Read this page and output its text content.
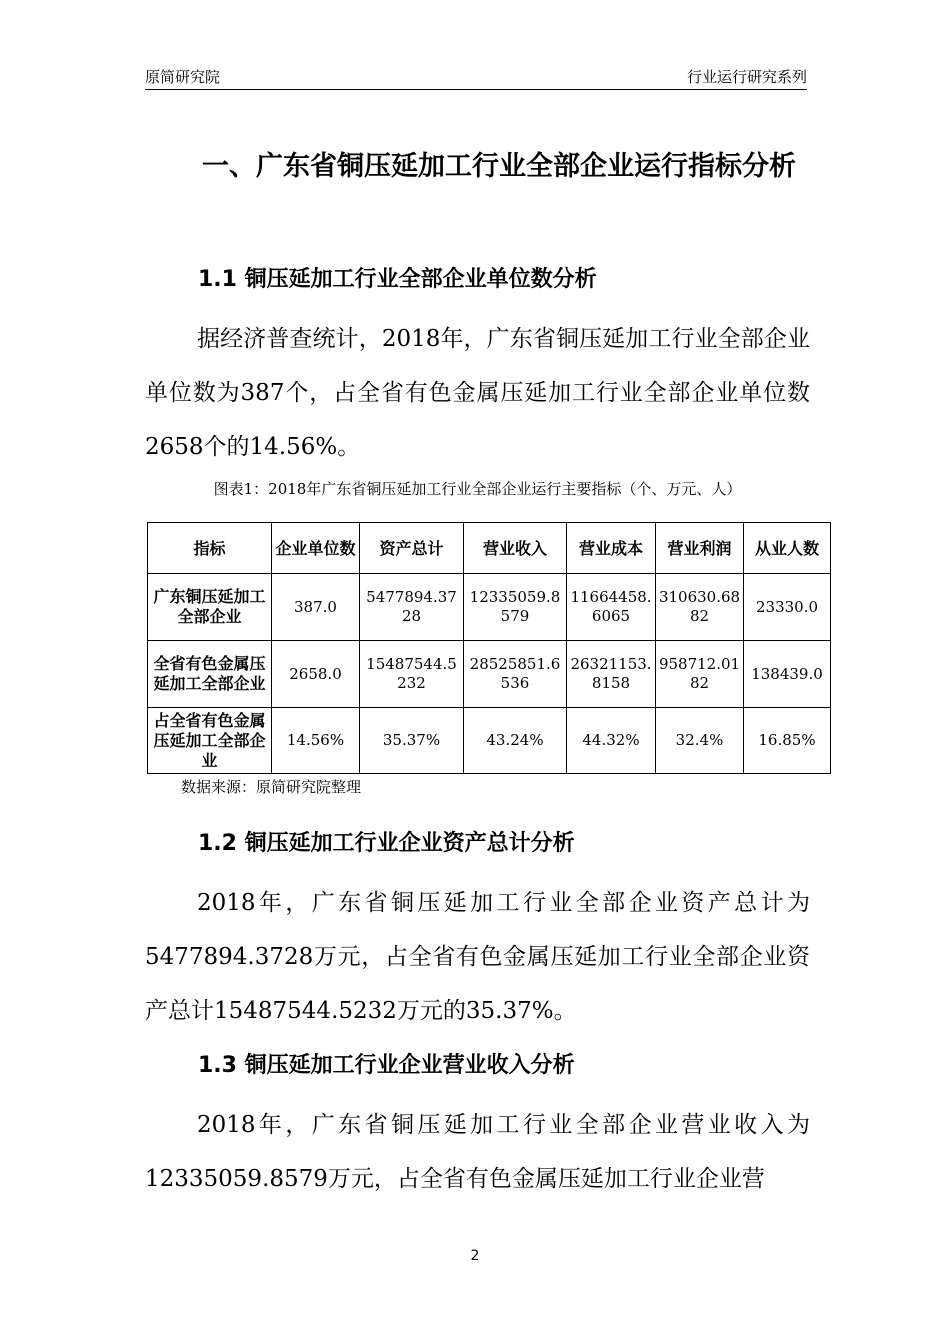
原简研究院	行业运行研究系列
一、广东省铜压延加工行业全部企业运行指标分析
1.1 铜压延加工行业全部企业单位数分析
据经济普查统计，2018年，广东省铜压延加工行业全部企业单位数为387个，占全省有色金属压延加工行业全部企业单位数2658个的14.56%。
图表1：2018年广东省铜压延加工行业全部企业运行主要指标（个、万元、人）
指标	企业单位数	资产总计	营业收入	营业成本	营业利润	从业人数
广东铜压延加工全部企业	387.0	5477894.3728	12335059.8579	11664458.6065	310630.6882	23330.0
全省有色金属压延加工全部企业	2658.0	15487544.5232	28525851.6536	26321153.8158	958712.0182	138439.0
占全省有色金属压延加工全部企业	14.56%	35.37%	43.24%	44.32%	32.4%	16.85%
数据来源：原简研究院整理
1.2 铜压延加工行业企业资产总计分析
2018年，广东省铜压延加工行业全部企业资产总计为5477894.3728万元，占全省有色金属压延加工行业全部企业资产总计15487544.5232万元的35.37%。
1.3 铜压延加工行业企业营业收入分析
2018年，广东省铜压延加工行业全部企业营业收入为12335059.8579万元，占全省有色金属压延加工行业企业营
2
